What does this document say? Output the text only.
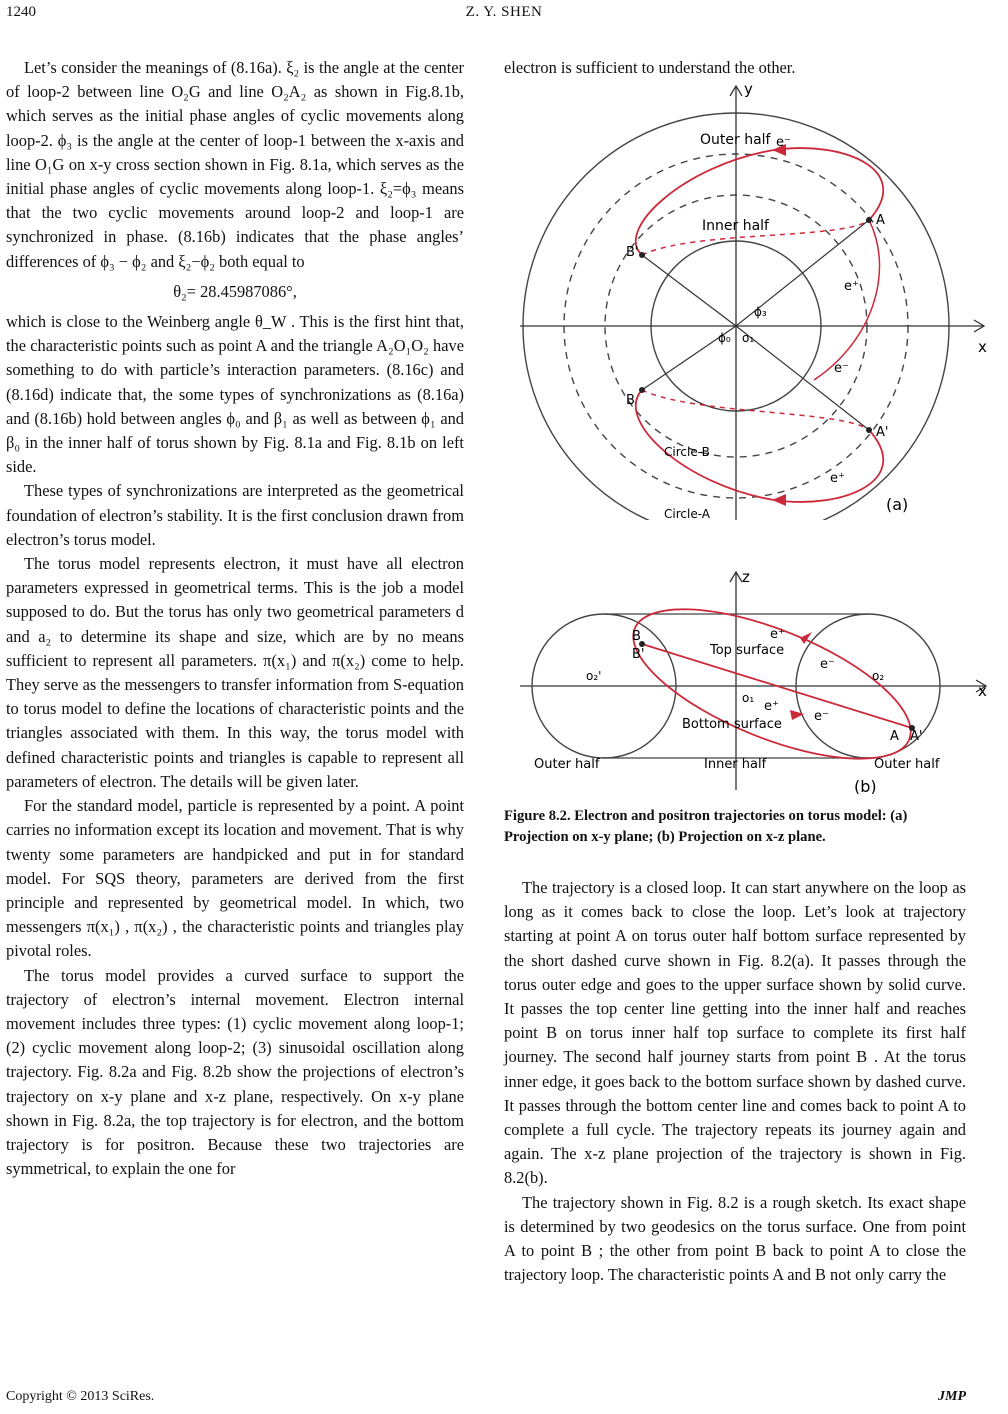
1240	Z. Y. SHEN

Let’s consider the meanings of (8.16a). ξ₂ is the angle at the center of loop-2 between line O₂G and line O₂A₂ as shown in Fig.8.1b, which serves as the initial phase angles of cyclic movements along loop-2. ϕ₃ is the angle at the center of loop-1 between the x-axis and line O₁G on x-y cross section shown in Fig. 8.1a, which serves as the initial phase angles of cyclic movements along loop-1. ξ₂=ϕ₃ means that the two cyclic movements around loop-2 and loop-1 are synchronized in phase. (8.16b) indicates that the phase angles’ differences of ϕ₃ − ϕ₂ and ξ₂−ϕ₂ both equal to

θ₂= 28.45987086°,

which is close to the Weinberg angle θ_W . This is the first hint that, the characteristic points such as point A and the triangle A₂O₁O₂ have something to do with particle’s interaction parameters. (8.16c) and (8.16d) indicate that, the some types of synchronizations as (8.16a) and (8.16b) hold between angles ϕ₀ and β₁ as well as between ϕ₁ and β₀ in the inner half of torus shown by Fig. 8.1a and Fig. 8.1b on left side.

These types of synchronizations are interpreted as the geometrical foundation of electron’s stability. It is the first conclusion drawn from electron’s torus model.

The torus model represents electron, it must have all electron parameters expressed in geometrical terms. This is the job a model supposed to do. But the torus has only two geometrical parameters d and a₂ to determine its shape and size, which are by no means sufficient to represent all parameters. π(x₁) and π(x₂) come to help. They serve as the messengers to transfer information from S-equation to torus model to define the locations of characteristic points and the triangles associated with them. In this way, the torus model with defined characteristic points and triangles is capable to represent all parameters of electron. The details will be given later.

For the standard model, particle is represented by a point. A point carries no information except its location and movement. That is why twenty some parameters are handpicked and put in for standard model. For SQS theory, parameters are derived from the first principle and represented by geometrical model. In which, two messengers π(x₁) , π(x₂) , the characteristic points and triangles play pivotal roles.

The torus model provides a curved surface to support the trajectory of electron’s internal movement. Electron internal movement includes three types: (1) cyclic movement along loop-1; (2) cyclic movement along loop-2; (3) sinusoidal oscillation along trajectory. Fig. 8.2a and Fig. 8.2b show the projections of electron’s trajectory on x-y plane and x-z plane, respectively. On x-y plane shown in Fig. 8.2a, the top trajectory is for electron, and the bottom trajectory is for positron. Because these two trajectories are symmetrical, to explain the one for

electron is sufficient to understand the other.

y
x
Outer half
Inner half
Circle-B
Circle-A	(a)
A
A'
B'
B
e⁻
e⁺
e⁻
e⁺
o₁
ϕ₀
ϕ₃
z
x
Top surface
Bottom surface
Outer half	Inner half	Outer half
(b)
o₁
o₂
o₂'
B
B'
A A'
e⁺
e⁻
e⁺
e⁻

Figure 8.2. Electron and positron trajectories on torus model: (a) Projection on x-y plane; (b) Projection on x-z plane.

The trajectory is a closed loop. It can start anywhere on the loop as long as it comes back to close the loop. Let’s look at trajectory starting at point A on torus outer half bottom surface represented by the short dashed curve shown in Fig. 8.2(a). It passes through the torus outer edge and goes to the upper surface shown by solid curve. It passes the top center line getting into the inner half and reaches point B on torus inner half top surface to complete its first half journey. The second half journey starts from point B . At the torus inner edge, it goes back to the bottom surface shown by dashed curve. It passes through the bottom center line and comes back to point A to complete a full cycle. The trajectory repeats its journey again and again. The x-z plane projection of the trajectory is shown in Fig. 8.2(b).

The trajectory shown in Fig. 8.2 is a rough sketch. Its exact shape is determined by two geodesics on the torus surface. One from point A to point B ; the other from point B back to point A to close the trajectory loop. The characteristic points A and B not only carry the

Copyright © 2013 SciRes.	JMP
